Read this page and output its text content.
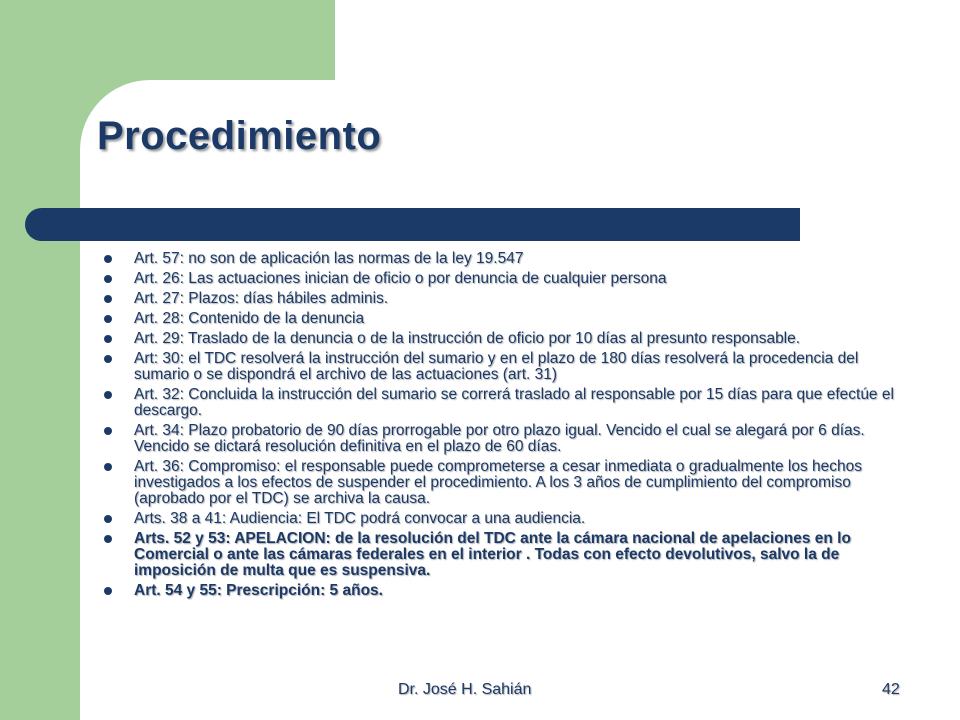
Procedimiento
Art. 57: no son de aplicación las normas de la ley 19.547
Art. 26: Las actuaciones inician de oficio o por denuncia de cualquier persona
Art. 27: Plazos: días hábiles adminis.
Art. 28: Contenido de la denuncia
Art. 29: Traslado de la denuncia o de la instrucción de oficio por 10 días al presunto responsable.
Art: 30: el TDC resolverá la instrucción del sumario y en el plazo de 180 días resolverá la procedencia del sumario o se dispondrá el archivo de las actuaciones (art. 31)
Art. 32: Concluida la instrucción del sumario se correrá traslado al responsable por 15 días para que efectúe el descargo.
Art. 34: Plazo probatorio de 90 días prorrogable por otro plazo igual. Vencido el cual se alegará por 6 días. Vencido se dictará resolución definitiva en el plazo de 60 días.
Art. 36: Compromiso: el responsable puede comprometerse a cesar inmediata o gradualmente los hechos investigados a los efectos de suspender el procedimiento. A los 3 años de cumplimiento del compromiso (aprobado por el TDC) se archiva la causa.
Arts. 38 a 41: Audiencia: El TDC podrá convocar a una audiencia.
Arts. 52 y 53: APELACION: de la resolución del TDC ante la cámara nacional de apelaciones en lo Comercial o ante las cámaras federales en el interior . Todas con efecto devolutivos, salvo la de imposición de multa que es suspensiva.
Art. 54 y 55: Prescripción: 5 años.
Dr. José H. Sahián	42
